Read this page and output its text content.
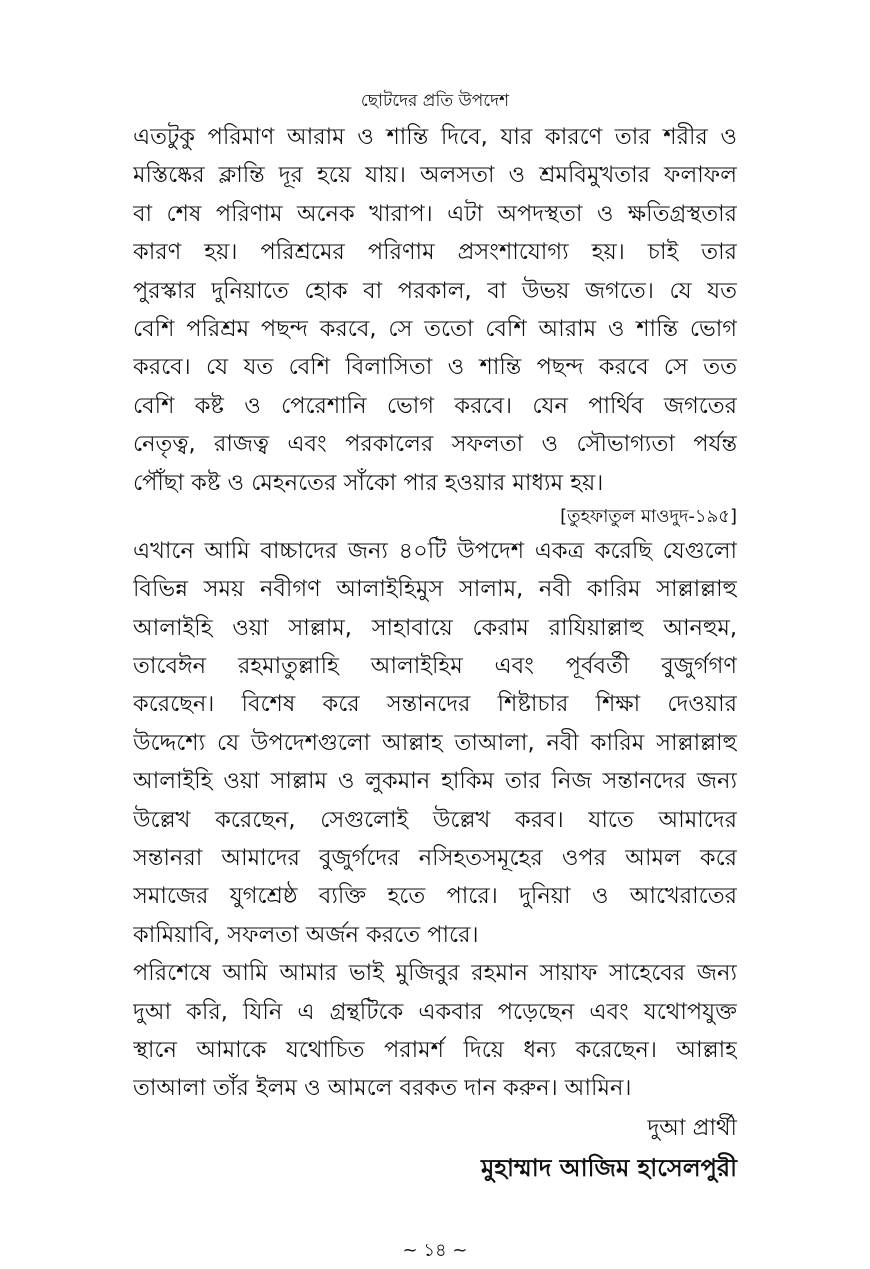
ছোটদের প্রতি উপদেশ
এতটুকু পরিমাণ আরাম ও শান্তি দিবে, যার কারণে তার শরীর ও
মস্তিষ্কের ক্লান্তি দূর হয়ে যায়। অলসতা ও শ্রমবিমুখতার ফলাফল
বা শেষ পরিণাম অনেক খারাপ। এটা অপদস্থতা ও ক্ষতিগ্রস্থতার
কারণ হয়। পরিশ্রমের পরিণাম প্রসংশাযোগ্য হয়। চাই তার
পুরস্কার দুনিয়াতে হোক বা পরকাল, বা উভয় জগতে। যে যত
বেশি পরিশ্রম পছন্দ করবে, সে ততো বেশি আরাম ও শান্তি ভোগ
করবে। যে যত বেশি বিলাসিতা ও শান্তি পছন্দ করবে সে তত
বেশি কষ্ট ও পেরেশানি ভোগ করবে। যেন পার্থিব জগতের
নেতৃত্ব, রাজত্ব এবং পরকালের সফলতা ও সৌভাগ্যতা পর্যন্ত
পৌঁছা কষ্ট ও মেহনতের সাঁকো পার হওয়ার মাধ্যম হয়।
[তুহফাতুল মাওদুদ-১৯৫]
এখানে আমি বাচ্চাদের জন্য ৪০টি উপদেশ একত্র করেছি যেগুলো
বিভিন্ন সময় নবীগণ আলাইহিমুস সালাম, নবী কারিম সাল্লাল্লাহু
আলাইহি ওয়া সাল্লাম, সাহাবায়ে কেরাম রাযিয়াল্লাহু আনহুম,
তাবেঈন রহমাতুল্লাহি আলাইহিম এবং পূর্ববর্তী বুজুর্গগণ
করেছেন। বিশেষ করে সন্তানদের শিষ্টাচার শিক্ষা দেওয়ার
উদ্দেশ্যে যে উপদেশগুলো আল্লাহ তাআলা, নবী কারিম সাল্লাল্লাহু
আলাইহি ওয়া সাল্লাম ও লুকমান হাকিম তার নিজ সন্তানদের জন্য
উল্লেখ করেছেন, সেগুলোই উল্লেখ করব। যাতে আমাদের
সন্তানরা আমাদের বুজুর্গদের নসিহতসমূহের ওপর আমল করে
সমাজের যুগশ্রেষ্ঠ ব্যক্তি হতে পারে। দুনিয়া ও আখেরাতের
কামিয়াবি, সফলতা অর্জন করতে পারে।
পরিশেষে আমি আমার ভাই মুজিবুর রহমান সায়াফ সাহেবের জন্য
দুআ করি, যিনি এ গ্রন্থটিকে একবার পড়েছেন এবং যথোপযুক্ত
স্থানে আমাকে যথোচিত পরামর্শ দিয়ে ধন্য করেছেন। আল্লাহ
তাআলা তাঁর ইলম ও আমলে বরকত দান করুন। আমিন।
দুআ প্রার্থী
মুহাম্মাদ আজিম হাসেলপুরী
~ ১৪ ~
